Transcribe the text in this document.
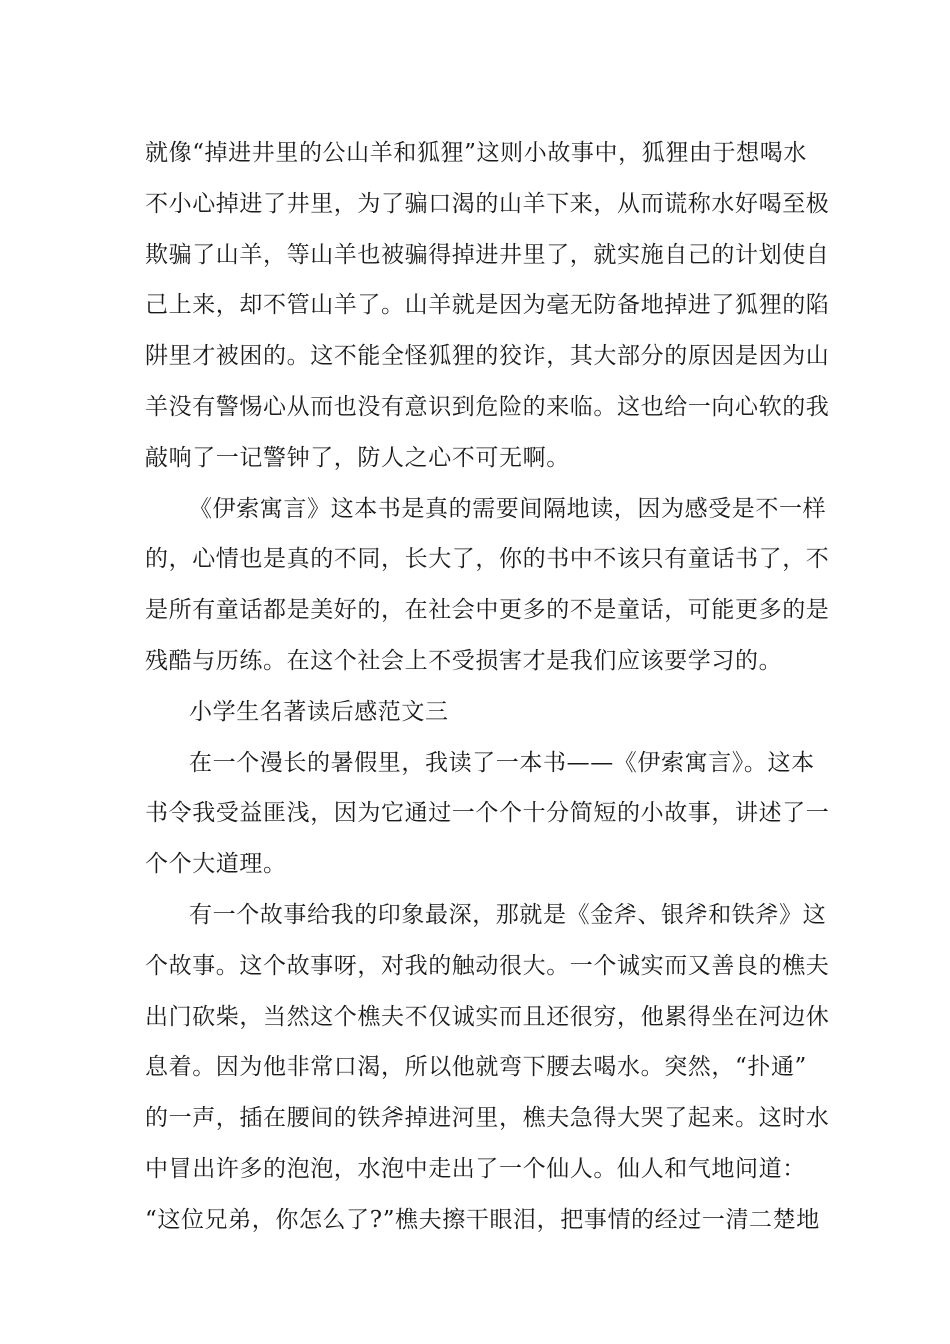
就像“掉进井里的公山羊和狐狸”这则小故事中，狐狸由于想喝水
不小心掉进了井里，为了骗口渴的山羊下来，从而谎称水好喝至极
欺骗了山羊，等山羊也被骗得掉进井里了，就实施自己的计划使自
己上来，却不管山羊了。山羊就是因为毫无防备地掉进了狐狸的陷
阱里才被困的。这不能全怪狐狸的狡诈，其大部分的原因是因为山
羊没有警惕心从而也没有意识到危险的来临。这也给一向心软的我
敲响了一记警钟了，防人之心不可无啊。
《伊索寓言》这本书是真的需要间隔地读，因为感受是不一样
的，心情也是真的不同，长大了，你的书中不该只有童话书了，不
是所有童话都是美好的，在社会中更多的不是童话，可能更多的是
残酷与历练。在这个社会上不受损害才是我们应该要学习的。
小学生名著读后感范文三
在一个漫长的暑假里，我读了一本书——《伊索寓言》。这本
书令我受益匪浅，因为它通过一个个十分简短的小故事，讲述了一
个个大道理。
有一个故事给我的印象最深，那就是《金斧、银斧和铁斧》这
个故事。这个故事呀，对我的触动很大。一个诚实而又善良的樵夫
出门砍柴，当然这个樵夫不仅诚实而且还很穷，他累得坐在河边休
息着。因为他非常口渴，所以他就弯下腰去喝水。突然，“扑通”
的一声，插在腰间的铁斧掉进河里，樵夫急得大哭了起来。这时水
中冒出许多的泡泡，水泡中走出了一个仙人。仙人和气地问道：
“这位兄弟，你怎么了?”樵夫擦干眼泪，把事情的经过一清二楚地
